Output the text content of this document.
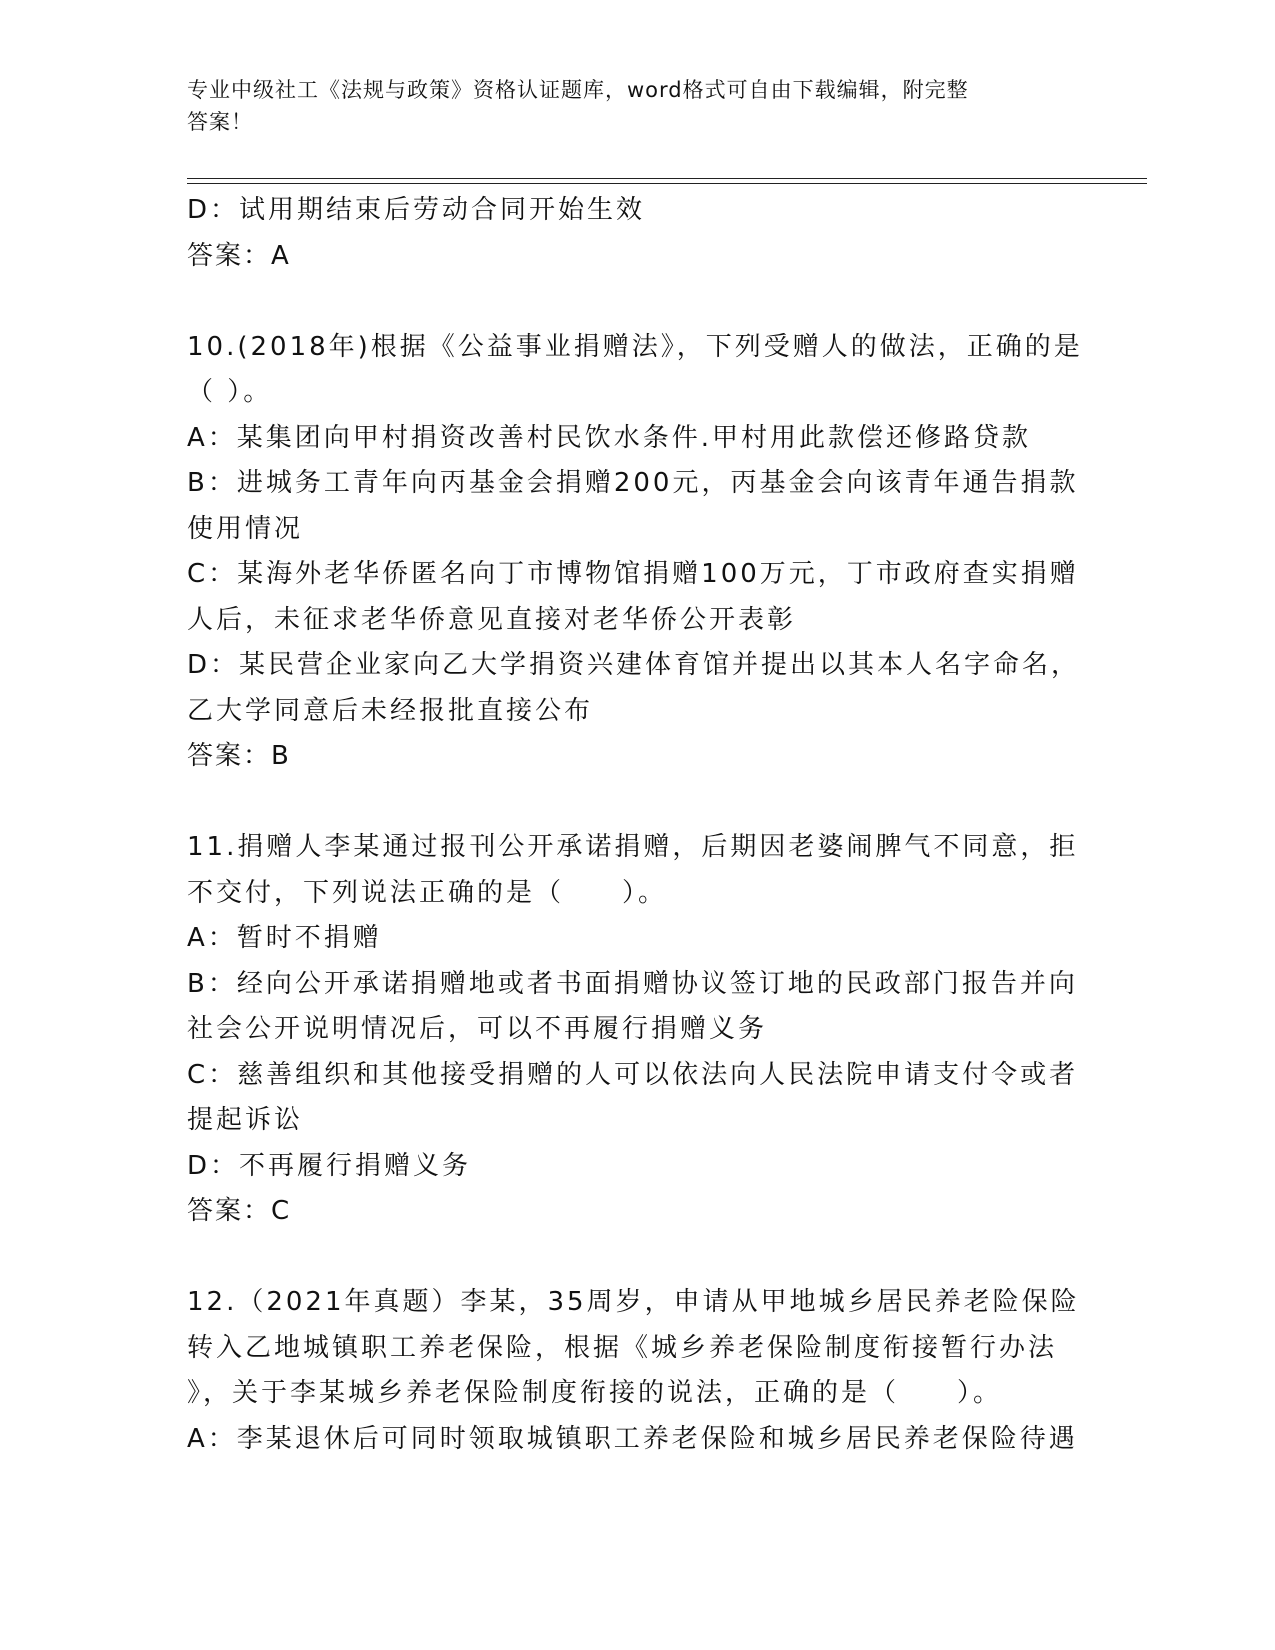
专业中级社工《法规与政策》资格认证题库，word格式可自由下载编辑，附完整
答案！
D：试用期结束后劳动合同开始生效
答案：A
10.(2018年)根据《公益事业捐赠法》，下列受赠人的做法，正确的是
（ ）。
A：某集团向甲村捐资改善村民饮水条件.甲村用此款偿还修路贷款
B：进城务工青年向丙基金会捐赠200元，丙基金会向该青年通告捐款
使用情况
C：某海外老华侨匿名向丁市博物馆捐赠100万元，丁市政府查实捐赠
人后，未征求老华侨意见直接对老华侨公开表彰
D：某民营企业家向乙大学捐资兴建体育馆并提出以其本人名字命名，
乙大学同意后未经报批直接公布
答案：B
11.捐赠人李某通过报刊公开承诺捐赠，后期因老婆闹脾气不同意，拒
不交付，下列说法正确的是（　　）。
A：暂时不捐赠
B：经向公开承诺捐赠地或者书面捐赠协议签订地的民政部门报告并向
社会公开说明情况后，可以不再履行捐赠义务
C：慈善组织和其他接受捐赠的人可以依法向人民法院申请支付令或者
提起诉讼
D：不再履行捐赠义务
答案：C
12.（2021年真题）李某，35周岁，申请从甲地城乡居民养老险保险
转入乙地城镇职工养老保险，根据《城乡养老保险制度衔接暂行办法
》，关于李某城乡养老保险制度衔接的说法，正确的是（　　）。
A：李某退休后可同时领取城镇职工养老保险和城乡居民养老保险待遇
